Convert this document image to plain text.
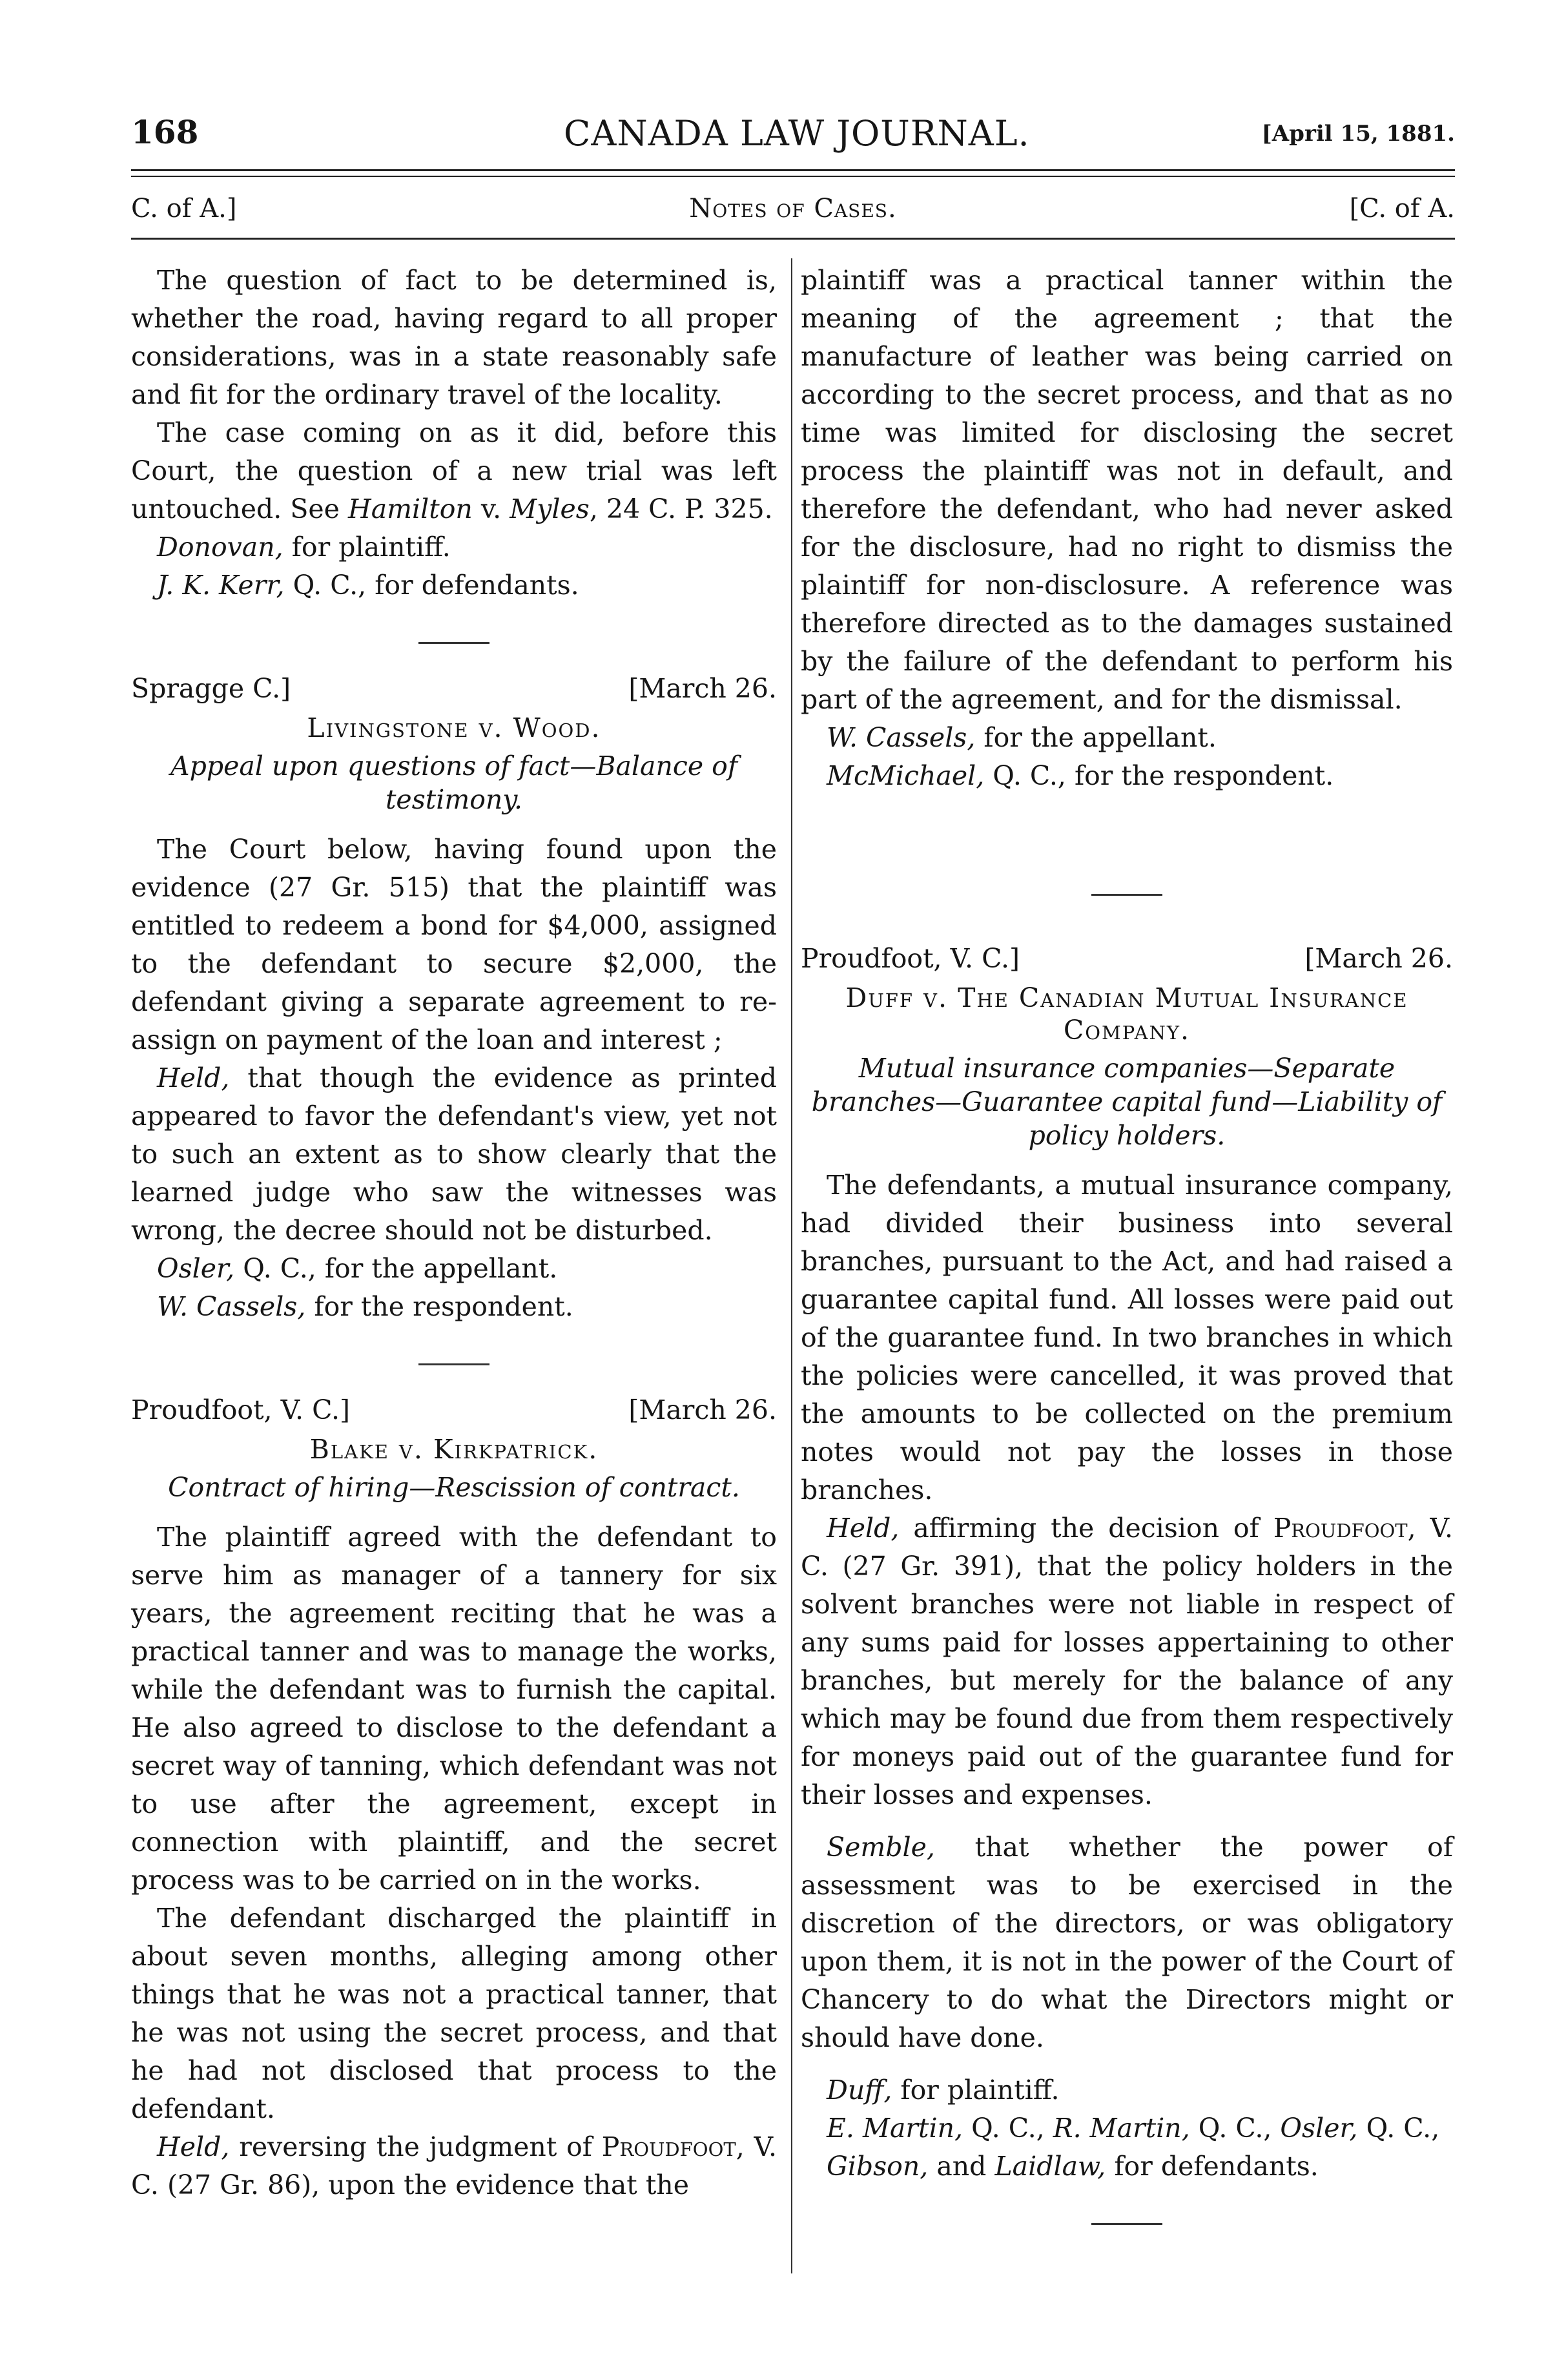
168	CANADA LAW JOURNAL.	[April 15, 1881.
C. of A.]	Notes of Cases.	[C. of A.

The question of fact to be determined is, whether the road, having regard to all proper considerations, was in a state reasonably safe and fit for the ordinary travel of the locality.

The case coming on as it did, before this Court, the question of a new trial was left untouched. See Hamilton v. Myles, 24 C. P. 325.

Donovan, for plaintiff.

J. K. Kerr, Q. C., for defendants.

Spragge C.]	[March 26.
Livingstone v. Wood.
Appeal upon questions of fact—Balance of testimony.

The Court below, having found upon the evidence (27 Gr. 515) that the plaintiff was entitled to redeem a bond for $4,000, assigned to the defendant to secure $2,000, the defendant giving a separate agreement to re-assign on payment of the loan and interest ;

Held, that though the evidence as printed appeared to favor the defendant's view, yet not to such an extent as to show clearly that the learned judge who saw the witnesses was wrong, the decree should not be disturbed.

Osler, Q. C., for the appellant.

W. Cassels, for the respondent.

Proudfoot, V. C.]	[March 26.
Blake v. Kirkpatrick.
Contract of hiring—Rescission of contract.

The plaintiff agreed with the defendant to serve him as manager of a tannery for six years, the agreement reciting that he was a practical tanner and was to manage the works, while the defendant was to furnish the capital. He also agreed to disclose to the defendant a secret way of tanning, which defendant was not to use after the agreement, except in connection with plaintiff, and the secret process was to be carried on in the works.

The defendant discharged the plaintiff in about seven months, alleging among other things that he was not a practical tanner, that he was not using the secret process, and that he had not disclosed that process to the defendant.

Held, reversing the judgment of Proudfoot, V. C. (27 Gr. 86), upon the evidence that the

plaintiff was a practical tanner within the meaning of the agreement ; that the manufacture of leather was being carried on according to the secret process, and that as no time was limited for disclosing the secret process the plaintiff was not in default, and therefore the defendant, who had never asked for the disclosure, had no right to dismiss the plaintiff for non-disclosure. A reference was therefore directed as to the damages sustained by the failure of the defendant to perform his part of the agreement, and for the dismissal.

W. Cassels, for the appellant.

McMichael, Q. C., for the respondent.

Proudfoot, V. C.]	[March 26.
Duff v. The Canadian Mutual Insurance Company.
Mutual insurance companies—Separate branches—Guarantee capital fund—Liability of policy holders.

The defendants, a mutual insurance company, had divided their business into several branches, pursuant to the Act, and had raised a guarantee capital fund. All losses were paid out of the guarantee fund. In two branches in which the policies were cancelled, it was proved that the amounts to be collected on the premium notes would not pay the losses in those branches.

Held, affirming the decision of Proudfoot, V. C. (27 Gr. 391), that the policy holders in the solvent branches were not liable in respect of any sums paid for losses appertaining to other branches, but merely for the balance of any which may be found due from them respectively for moneys paid out of the guarantee fund for their losses and expenses.

Semble, that whether the power of assessment was to be exercised in the discretion of the directors, or was obligatory upon them, it is not in the power of the Court of Chancery to do what the Directors might or should have done.

Duff, for plaintiff.

E. Martin, Q. C., R. Martin, Q. C., Osler, Q. C., Gibson, and Laidlaw, for defendants.
